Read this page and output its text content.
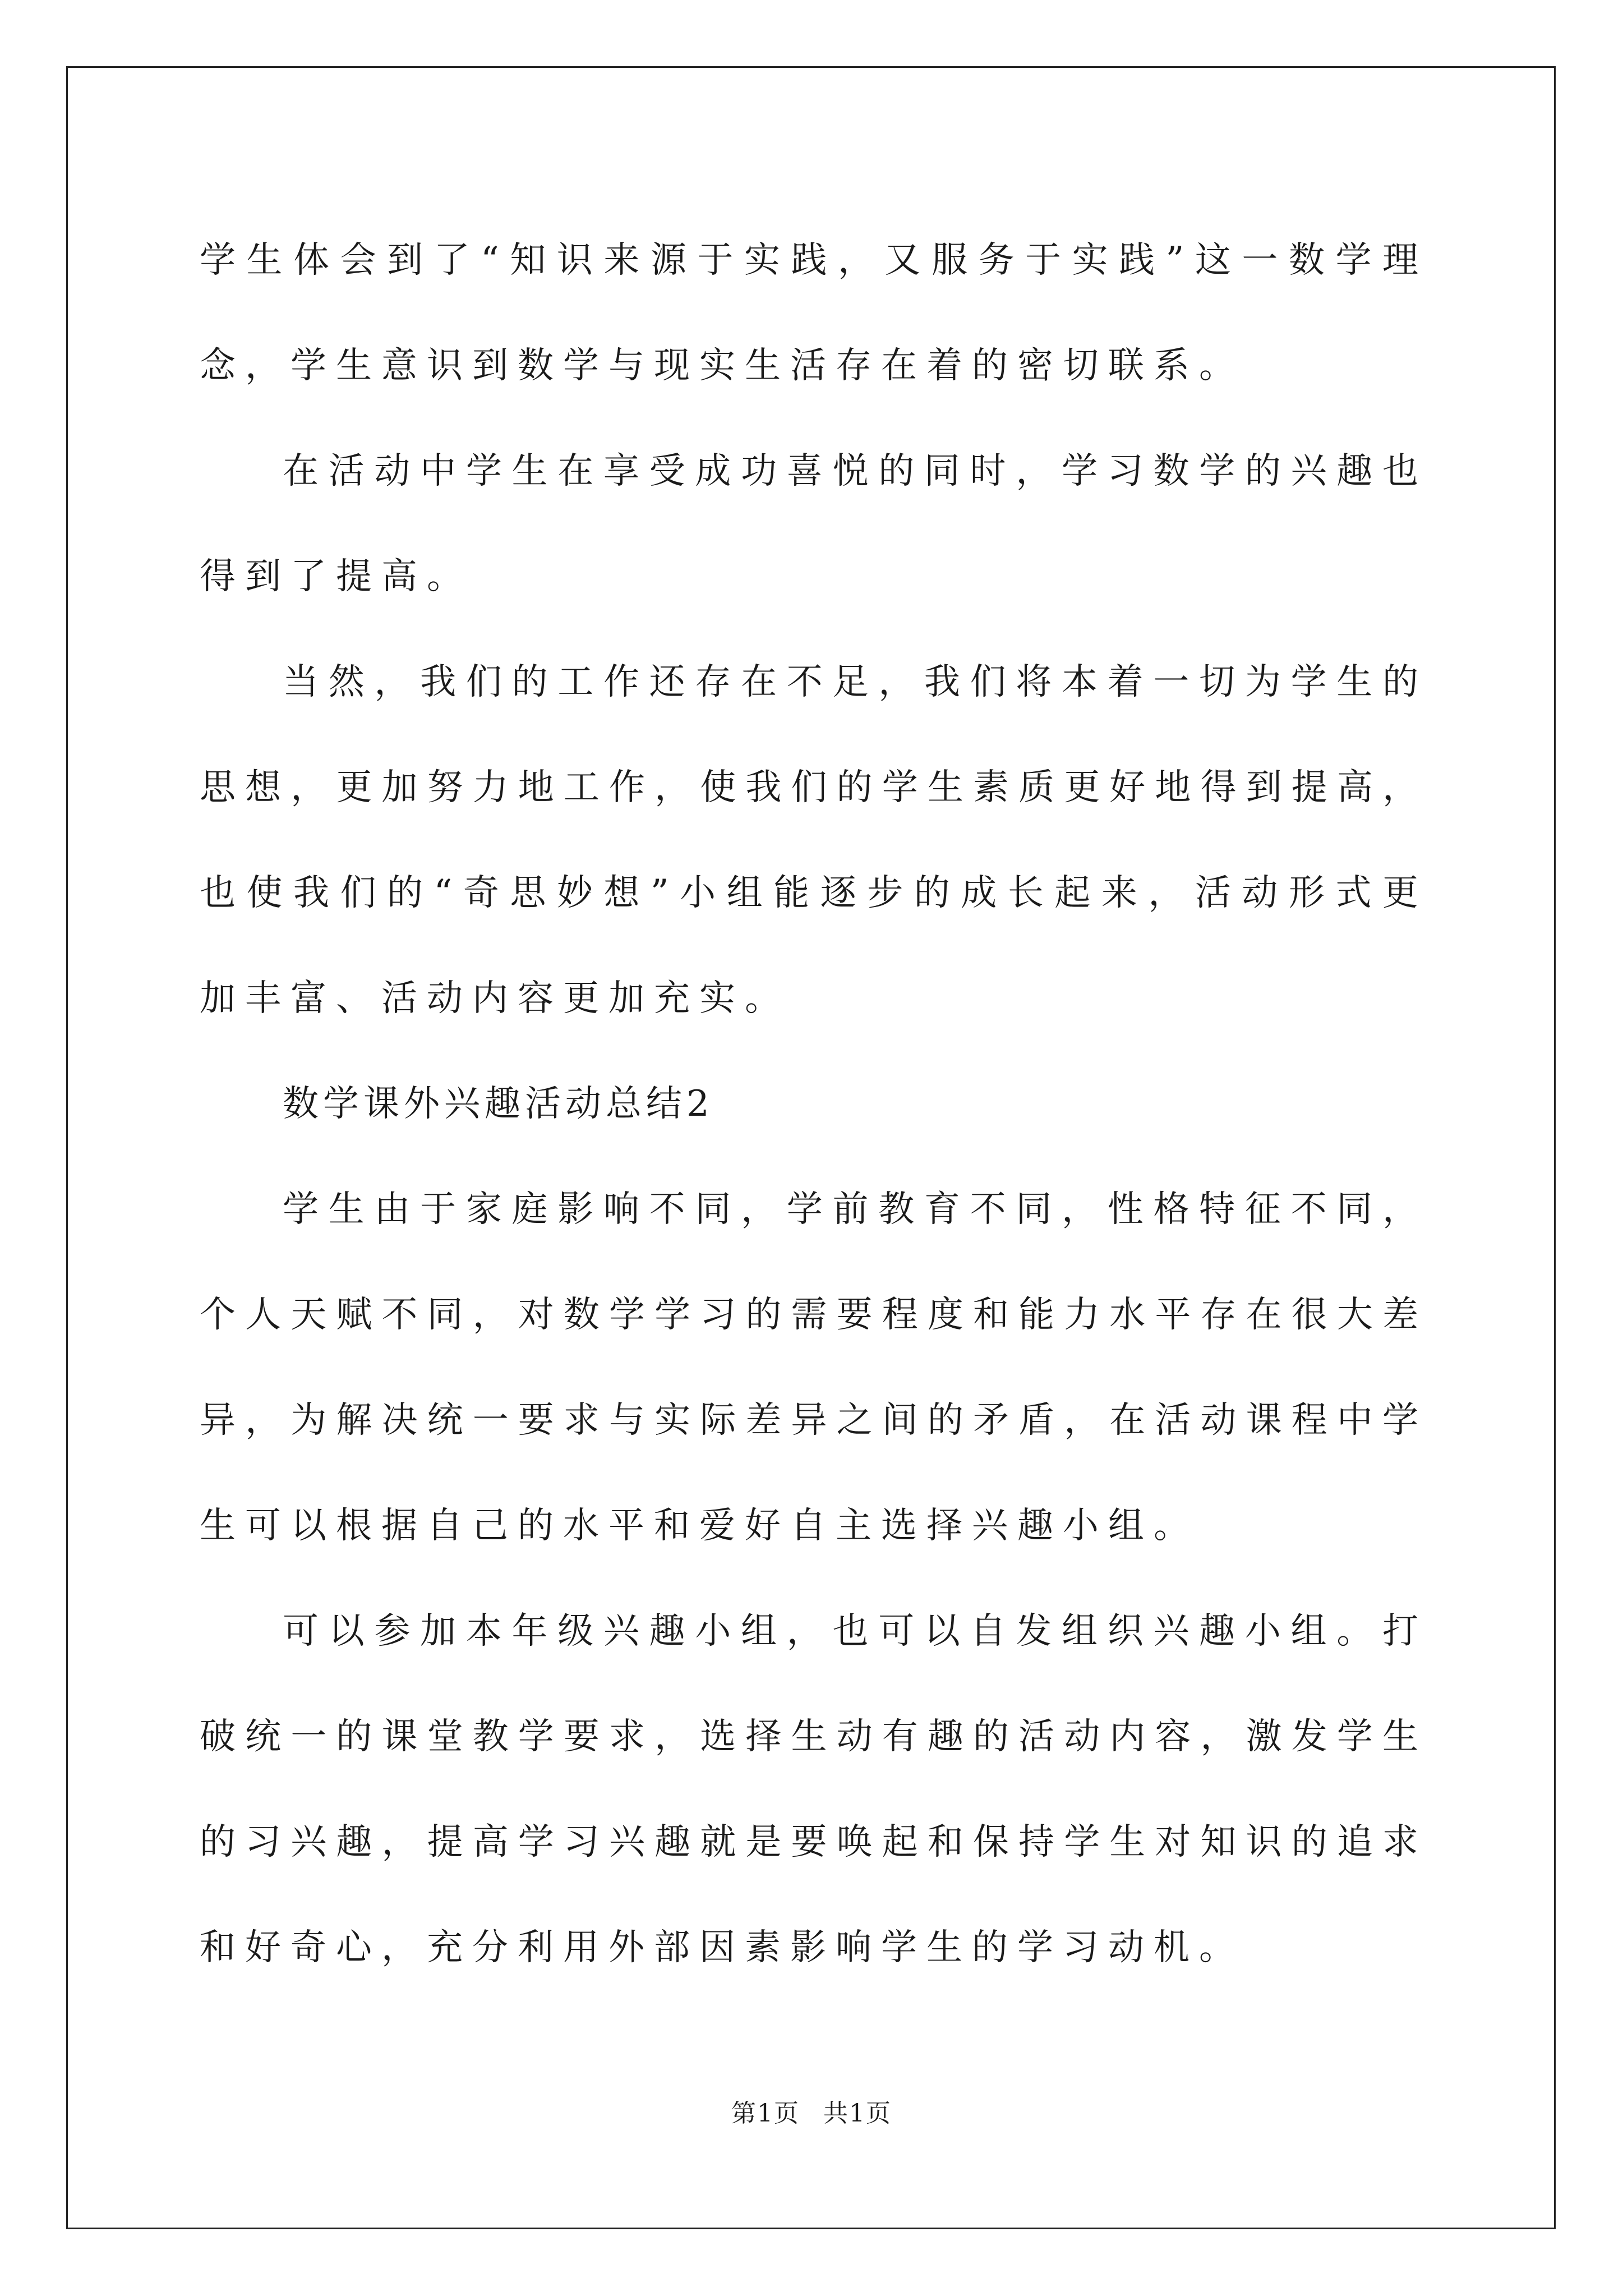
学生体会到了“知识来源于实践，又服务于实践”这一数学理念，学生意识到数学与现实生活存在着的密切联系。

在活动中学生在享受成功喜悦的同时，学习数学的兴趣也得到了提高。

当然，我们的工作还存在不足，我们将本着一切为学生的思想，更加努力地工作，使我们的学生素质更好地得到提高，也使我们的“奇思妙想”小组能逐步的成长起来，活动形式更加丰富、活动内容更加充实。

数学课外兴趣活动总结2

学生由于家庭影响不同，学前教育不同，性格特征不同，个人天赋不同，对数学学习的需要程度和能力水平存在很大差异，为解决统一要求与实际差异之间的矛盾，在活动课程中学生可以根据自己的水平和爱好自主选择兴趣小组。

可以参加本年级兴趣小组，也可以自发组织兴趣小组。打破统一的课堂教学要求，选择生动有趣的活动内容，激发学生的习兴趣，提高学习兴趣就是要唤起和保持学生对知识的追求和好奇心，充分利用外部因素影响学生的学习动机。

第1页 共1页
